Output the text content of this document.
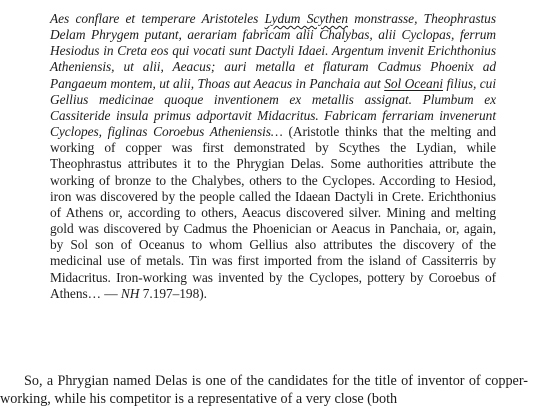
Aes conflare et temperare Aristoteles Lydum Scythen monstrasse, Theophrastus Delam Phrygem putant, aerariam fabricam alii Chalybas, alii Cyclopas, ferrum Hesiodus in Creta eos qui vocati sunt Dactyli Idaei. Argentum invenit Erichthonius Atheniensis, ut alii, Aeacus; auri metalla et flaturam Cadmus Phoenix ad Pangaeum montem, ut alii, Thoas aut Aeacus in Panchaia aut Sol Oceani filius, cui Gellius medicinae quoque inventionem ex metallis assignat. Plumbum ex Cassiteride insula primus adportavit Midacritus. Fabricam ferrariam invenerunt Cyclopes, figlinas Coroebus Atheniensis… (Aristotle thinks that the melting and working of copper was first demonstrated by Scythes the Lydian, while Theophrastus attributes it to the Phrygian Delas. Some authorities attribute the working of bronze to the Chalybes, others to the Cyclopes. According to Hesiod, iron was discovered by the people called the Idaean Dactyli in Crete. Erichthonius of Athens or, according to others, Aeacus discovered silver. Mining and melting gold was discovered by Cadmus the Phoenician or Aeacus in Panchaia, or, again, by Sol son of Oceanus to whom Gellius also attributes the discovery of the medicinal use of metals. Tin was first imported from the island of Cassiterris by Midacritus. Iron-working was invented by the Cyclopes, pottery by Coroebus of Athens… — NH 7.197–198).
So, a Phrygian named Delas is one of the candidates for the title of inventor of copper-working, while his competitor is a representative of a very close (both
